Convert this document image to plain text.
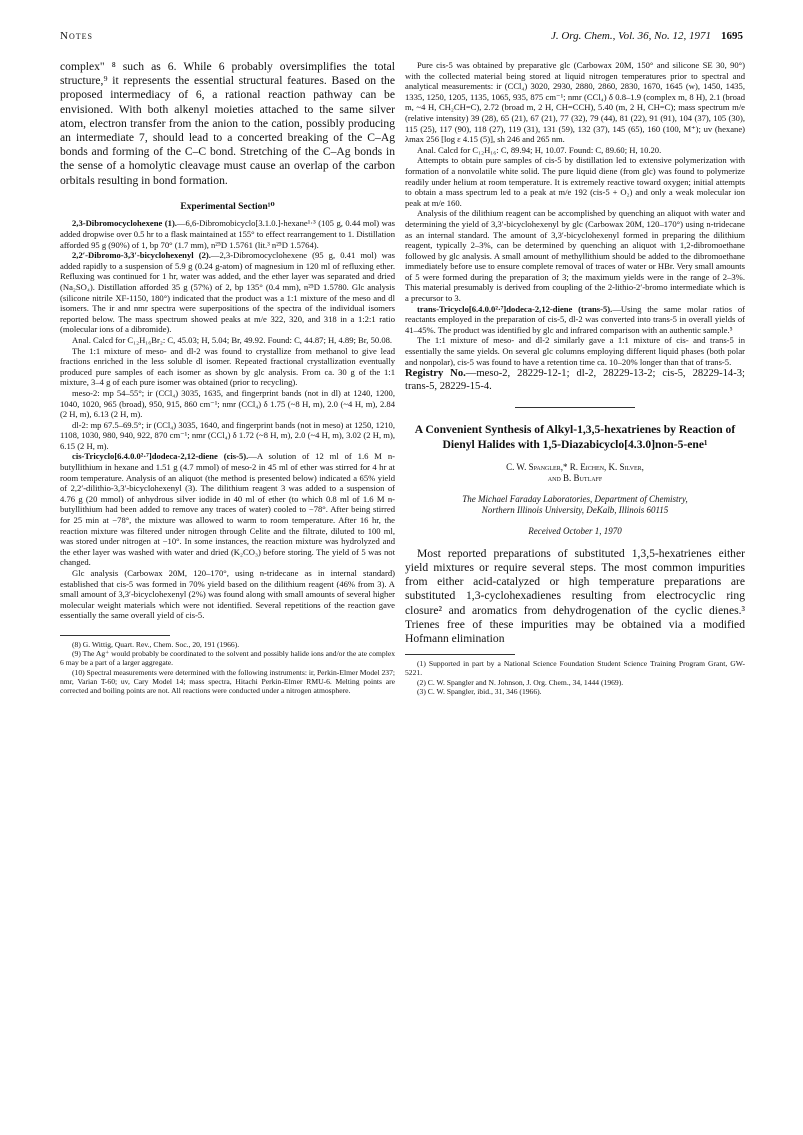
Notes	J. Org. Chem., Vol. 36, No. 12, 1971 1695

complex" ⁸ such as 6. While 6 probably oversimplifies the total structure,⁹ it represents the essential structural features. Based on the proposed intermediacy of 6, a rational reaction pathway can be envisioned. With both alkenyl moieties attached to the same silver atom, electron transfer from the anion to the cation, possibly producing an intermediate 7, should lead to a concerted breaking of the C–Ag bonds and forming of the C–C bond. Stretching of the C–Ag bonds in the sense of a homolytic cleavage must cause an overlap of the carbon orbitals resulting in bond formation.

Experimental Section¹⁰

2,3-Dibromocyclohexene (1).—6,6-Dibromobicyclo[3.1.0.]-hexane¹·³ (105 g, 0.44 mol) was added dropwise over 0.5 hr to a flask maintained at 155° to effect rearrangement to 1. Distillation afforded 95 g (90%) of 1, bp 70° (1.7 mm), n²⁵D 1.5761 (lit.³ n²⁵D 1.5764).

2,2′-Dibromo-3,3′-bicyclohexenyl (2).—2,3-Dibromocyclohexene (95 g, 0.41 mol) was added rapidly to a suspension of 5.9 g (0.24 g-atom) of magnesium in 120 ml of refluxing ether. Refluxing was continued for 1 hr, water was added, and the ether layer was separated and dried (Na₂SO₄). Distillation afforded 35 g (57%) of 2, bp 135° (0.4 mm), n²⁵D 1.5780. Glc analysis (silicone nitrile XF-1150, 180°) indicated that the product was a 1:1 mixture of the meso and dl isomers. The ir and nmr spectra were superpositions of the spectra of the individual isomers reported below. The mass spectrum showed peaks at m/e 322, 320, and 318 in a 1:2:1 ratio (molecular ions of a dibromide).

Anal. Calcd for C₁₂H₁₆Br₂: C, 45.03; H, 5.04; Br, 49.92. Found: C, 44.87; H, 4.89; Br, 50.08.

The 1:1 mixture of meso- and dl-2 was found to crystallize from methanol to give lead fractions enriched in the less soluble dl isomer. Repeated fractional crystallization eventually produced pure samples of each isomer as shown by glc analysis. From ca. 30 g of the 1:1 mixture, 3–4 g of each pure isomer was obtained (prior to recycling).

meso-2: mp 54–55°; ir (CCl₄) 3035, 1635, and fingerprint bands (not in dl) at 1240, 1200, 1040, 1020, 965 (broad), 950, 915, 860 cm⁻¹; nmr (CCl₄) δ 1.75 (~8 H, m), 2.0 (~4 H, m), 2.84 (2 H, m), 6.13 (2 H, m).

dl-2: mp 67.5–69.5°; ir (CCl₄) 3035, 1640, and fingerprint bands (not in meso) at 1250, 1210, 1108, 1030, 980, 940, 922, 870 cm⁻¹; nmr (CCl₄) δ 1.72 (~8 H, m), 2.0 (~4 H, m), 3.02 (2 H, m), 6.15 (2 H, m).

cis-Tricyclo[6.4.0.0²·⁷]dodeca-2,12-diene (cis-5).—A solution of 12 ml of 1.6 M n-butyllithium in hexane and 1.51 g (4.7 mmol) of meso-2 in 45 ml of ether was stirred for 4 hr at room temperature. Analysis of an aliquot (the method is presented below) indicated a 65% yield of 2,2′-dilithio-3,3′-bicyclohexenyl (3). The dilithium reagent 3 was added to a suspension of 4.76 g (20 mmol) of anhydrous silver iodide in 40 ml of ether (to which 0.8 ml of 1.6 M n-butyllithium had been added to remove any traces of water) cooled to −78°. After being stirred for 25 min at −78°, the mixture was allowed to warm to room temperature. After 16 hr, the reaction mixture was filtered under nitrogen through Celite and the filtrate, diluted to 100 ml, was stored under nitrogen at −10°. In some instances, the reaction mixture was hydrolyzed and the ether layer was washed with water and dried (K₂CO₃) before storing. The yield of 5 was not changed.

Glc analysis (Carbowax 20M, 120–170°, using n-tridecane as in internal standard) established that cis-5 was formed in 70% yield based on the dilithium reagent (46% from 3). A small amount of 3,3′-bicyclohexenyl (2%) was found along with small amounts of several higher molecular weight materials which were not identified. Several repetitions of the reaction gave essentially the same overall yield of cis-5.

(8) G. Wittig, Quart. Rev., Chem. Soc., 20, 191 (1966).

(9) The Ag⁺ would probably be coordinated to the solvent and possibly halide ions and/or the ate complex 6 may be a part of a larger aggregate.

(10) Spectral measurements were determined with the following instruments: ir, Perkin-Elmer Model 237; nmr, Varian T-60; uv, Cary Model 14; mass spectra, Hitachi Perkin-Elmer RMU-6. Melting points are corrected and boiling points are not. All reactions were conducted under a nitrogen atmosphere.

Pure cis-5 was obtained by preparative glc (Carbowax 20M, 150° and silicone SE 30, 90°) with the collected material being stored at liquid nitrogen temperatures prior to spectral and analytical measurements: ir (CCl₄) 3020, 2930, 2880, 2860, 2830, 1670, 1645 (w), 1450, 1435, 1335, 1250, 1205, 1135, 1065, 935, 875 cm⁻¹; nmr (CCl₄) δ 0.8–1.9 (complex m, 8 H), 2.1 (broad m, ~4 H, CH₂CH=C), 2.72 (broad m, 2 H, CH=CCH), 5.40 (m, 2 H, CH=C); mass spectrum m/e (relative intensity) 39 (28), 65 (21), 67 (21), 77 (32), 79 (44), 81 (22), 91 (91), 104 (37), 105 (30), 115 (25), 117 (90), 118 (27), 119 (31), 131 (59), 132 (37), 145 (65), 160 (100, M⁺); uv (hexane) λmax 256 [log ε 4.15 (5)], sh 246 and 265 nm.

Anal. Calcd for C₁₂H₁₆: C, 89.94; H, 10.07. Found: C, 89.60; H, 10.20.

Attempts to obtain pure samples of cis-5 by distillation led to extensive polymerization with formation of a nonvolatile white solid. The pure liquid diene (from glc) was found to polymerize readily under helium at room temperature. It is extremely reactive toward oxygen; initial attempts to obtain a mass spectrum led to a peak at m/e 192 (cis-5 + O₂) and only a weak molecular ion peak at m/e 160.

Analysis of the dilithium reagent can be accomplished by quenching an aliquot with water and determining the yield of 3,3′-bicyclohexenyl by glc (Carbowax 20M, 120–170°) using n-tridecane as an internal standard. The amount of 3,3′-bicyclohexenyl formed in preparing the dilithium reagent, typically 2–3%, can be determined by quenching an aliquot with 1,2-dibromoethane followed by glc analysis. A small amount of methyllithium should be added to the dibromoethane immediately before use to ensure complete removal of traces of water or HBr. Very small amounts of 5 were formed during the preparation of 3; the maximum yields were in the range of 2–3%. This material presumably is derived from coupling of the 2-lithio-2′-bromo intermediate which is a precursor to 3.

trans-Tricyclo[6.4.0.0²·⁷]dodeca-2,12-diene (trans-5).—Using the same molar ratios of reactants employed in the preparation of cis-5, dl-2 was converted into trans-5 in overall yields of 41–45%. The product was identified by glc and infrared comparison with an authentic sample.⁵

The 1:1 mixture of meso- and dl-2 similarly gave a 1:1 mixture of cis- and trans-5 in essentially the same yields. On several glc columns employing different liquid phases (both polar and nonpolar), cis-5 was found to have a retention time ca. 10–20% longer than that of trans-5.

Registry No.—meso-2, 28229-12-1; dl-2, 28229-13-2; cis-5, 28229-14-3; trans-5, 28229-15-4.

A Convenient Synthesis of Alkyl-1,3,5-hexatrienes by Reaction of Dienyl Halides with 1,5-Diazabicyclo[4.3.0]non-5-ene¹
C. W. Spangler,* R. Eichen, K. Silver,
and B. Butlaff
The Michael Faraday Laboratories, Department of Chemistry,
Northern Illinois University, DeKalb, Illinois 60115
Received October 1, 1970

Most reported preparations of substituted 1,3,5-hexatrienes either yield mixtures or require several steps. The most common impurities from either acid-catalyzed or high temperature preparations are substituted 1,3-cyclohexadienes resulting from electrocyclic ring closure² and aromatics from dehydrogenation of the cyclic dienes.³ Trienes free of these impurities may be obtained via a modified Hofmann elimination

(1) Supported in part by a National Science Foundation Student Science Training Program Grant, GW-5221.

(2) C. W. Spangler and N. Johnson, J. Org. Chem., 34, 1444 (1969).

(3) C. W. Spangler, ibid., 31, 346 (1966).
